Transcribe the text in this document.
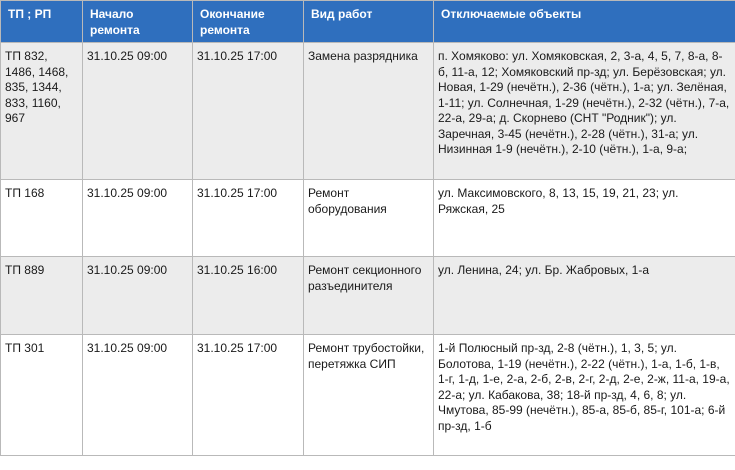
ТП ; РП	Начало ремонта	Окончание ремонта	Вид работ	Отключаемые объекты
ТП 832, 1486, 1468, 835, 1344, 833, 1160, 967	31.10.25 09:00	31.10.25 17:00	Замена разрядника	п. Хомяково: ул. Хомяковская, 2, 3-а, 4, 5, 7, 8-а, 8-б, 11-а, 12; Хомяковский пр-зд; ул. Берёзовская; ул. Новая, 1-29 (нечётн.), 2-36 (чётн.), 1-а; ул. Зелёная, 1-11; ул. Солнечная, 1-29 (нечётн.), 2-32 (чётн.), 7-а, 22-а, 29-а; д. Скорнево (СНТ "Родник"); ул. Заречная, 3-45 (нечётн.), 2-28 (чётн.), 31-а; ул. Низинная 1-9 (нечётн.), 2-10 (чётн.), 1-а, 9-а;
ТП 168	31.10.25 09:00	31.10.25 17:00	Ремонт оборудования	ул. Максимовского, 8, 13, 15, 19, 21, 23; ул. Ряжская, 25
ТП 889	31.10.25 09:00	31.10.25 16:00	Ремонт секционного разъединителя	ул. Ленина, 24; ул. Бр. Жабровых, 1-а
ТП 301	31.10.25 09:00	31.10.25 17:00	Ремонт трубостойки, перетяжка СИП	1-й Полюсный пр-зд, 2-8 (чётн.), 1, 3, 5; ул. Болотова, 1-19 (нечётн.), 2-22 (чётн.), 1-а, 1-б, 1-в, 1-г, 1-д, 1-е, 2-а, 2-б, 2-в, 2-г, 2-д, 2-е, 2-ж, 11-а, 19-а, 22-а; ул. Кабакова, 38; 18-й пр-зд, 4, 6, 8; ул. Чмутова, 85-99 (нечётн.), 85-а, 85-б, 85-г, 101-а; 6-й пр-зд, 1-б
